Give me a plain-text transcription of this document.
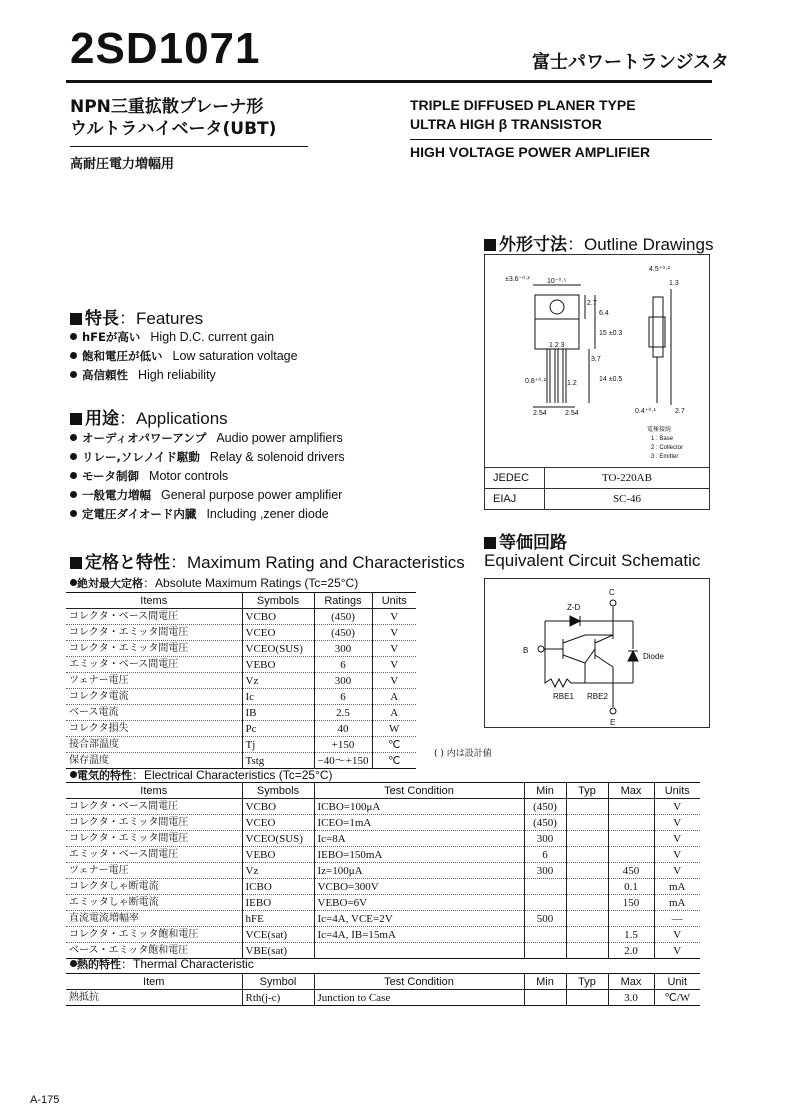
2SD1071	富士パワートランジスタ
NPN三重拡散プレーナ形
ウルトラハイベータ(UBT)
高耐圧電力増幅用
TRIPLE DIFFUSED PLANER TYPE
ULTRA HIGH β TRANSISTOR
HIGH VOLTAGE POWER AMPLIFIER
特長：Features
hFEが高い High D.C. current gain
飽和電圧が低い Low saturation voltage
高信頼性 High reliability
用途：Applications
オーディオパワーアンプ Audio power amplifiers
リレー,ソレノイド駆動 Relay & solenoid drivers
モータ制御 Motor controls
一般電力増幅 General purpose power amplifier
定電圧ダイオード内臓 Including ,zener diode
外形寸法：Outline Drawings
±3.6⁻⁰·² 10⁻⁰·⁵
2.7
6.4
15 ±0.3
3.7
14 ±0.5
0.8⁺⁰·²	1.2
2.54	2.54
4.5⁺⁰·²
1.3
0.4⁺⁰·¹	2.7
1 2 3
電極接続
1 : Base
2 : Collector
3 : Emitter
JEDEC	TO-220AB
EIAJ	SC-46
等価回路
Equivalent Circuit Schematic
Z-D
C
B
Diode
RBE1 RBE2
E
定格と特性：Maximum Rating and Characteristics
絶対最大定格：Absolute Maximum Ratings (Tc=25°C)
Items	Symbols	Ratings	Units
コレクタ・ベース間電圧	VCBO	(450)	V
コレクタ・エミッタ間電圧	VCEO	(450)	V
コレクタ・エミッタ間電圧	VCEO(SUS)	300	V
エミッタ・ベース間電圧	VEBO	6	V
ツェナー電圧	Vz	300	V
コレクタ電流	Ic	6	A
ベース電流	IB	2.5	A
コレクタ損失	Pc	40	W
接合部温度	Tj	+150	℃
保存温度	Tstg	−40〜+150	℃
( ) 内は設計値
電気的特性：Electrical Characteristics (Tc=25°C)
Items	Symbols	Test Condition	Min	Typ	Max	Units
コレクタ・ベース間電圧	VCBO	ICBO=100μA	(450)			V
コレクタ・エミッタ間電圧	VCEO	ICEO=1mA	(450)			V
コレクタ・エミッタ間電圧	VCEO(SUS)	Ic=8A	300			V
エミッタ・ベース間電圧	VEBO	IEBO=150mA	6			V
ツェナー電圧	Vz	Iz=100μA	300		450	V
コレクタしゃ断電流	ICBO	VCBO=300V			0.1	mA
エミッタしゃ断電流	IEBO	VEBO=6V			150	mA
直流電流増幅率	hFE	Ic=4A, VCE=2V	500			—
コレクタ・エミッタ飽和電圧	VCE(sat)	Ic=4A, IB=15mA			1.5	V
ベース・エミッタ飽和電圧	VBE(sat)				2.0	V
熱的特性：Thermal Characteristic
Item	Symbol	Test Condition	Min	Typ	Max	Unit
熱抵抗	Rth(j-c)	Junction to Case			3.0	℃/W
A-175
